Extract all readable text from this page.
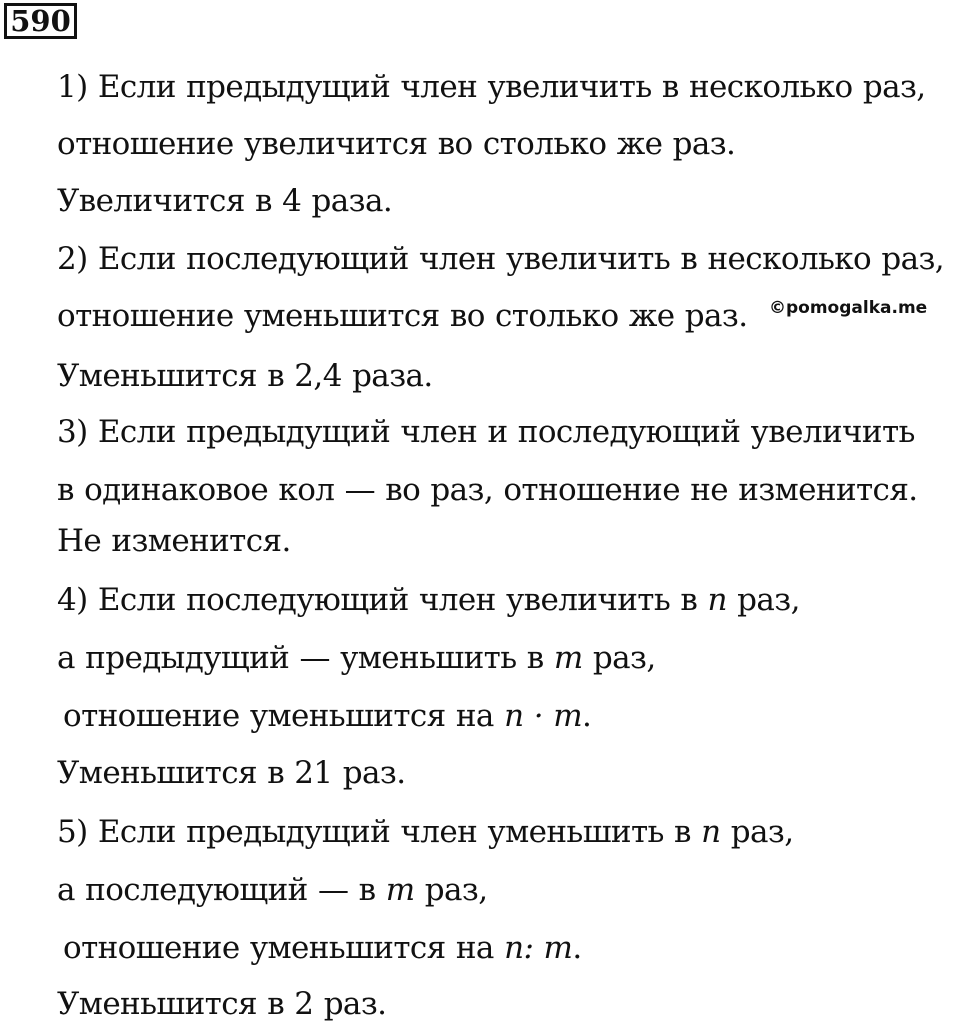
590
1) Если предыдущий член увеличить в несколько раз,
отношение увеличится во столько же раз.
Увеличится в 4 раза.
2) Если последующий член увеличить в несколько раз,
отношение уменьшится во столько же раз. ©pomogalka.me
Уменьшится в 2,4 раза.
3) Если предыдущий член и последующий увеличить
в одинаковое кол — во раз, отношение не изменится.
Не изменится.
4) Если последующий член увеличить в n раз,
а предыдущий — уменьшить в m раз,
отношение уменьшится на n · m.
Уменьшится в 21 раз.
5) Если предыдущий член уменьшить в n раз,
а последующий — в m раз,
отношение уменьшится на n: m.
Уменьшится в 2 раз.
